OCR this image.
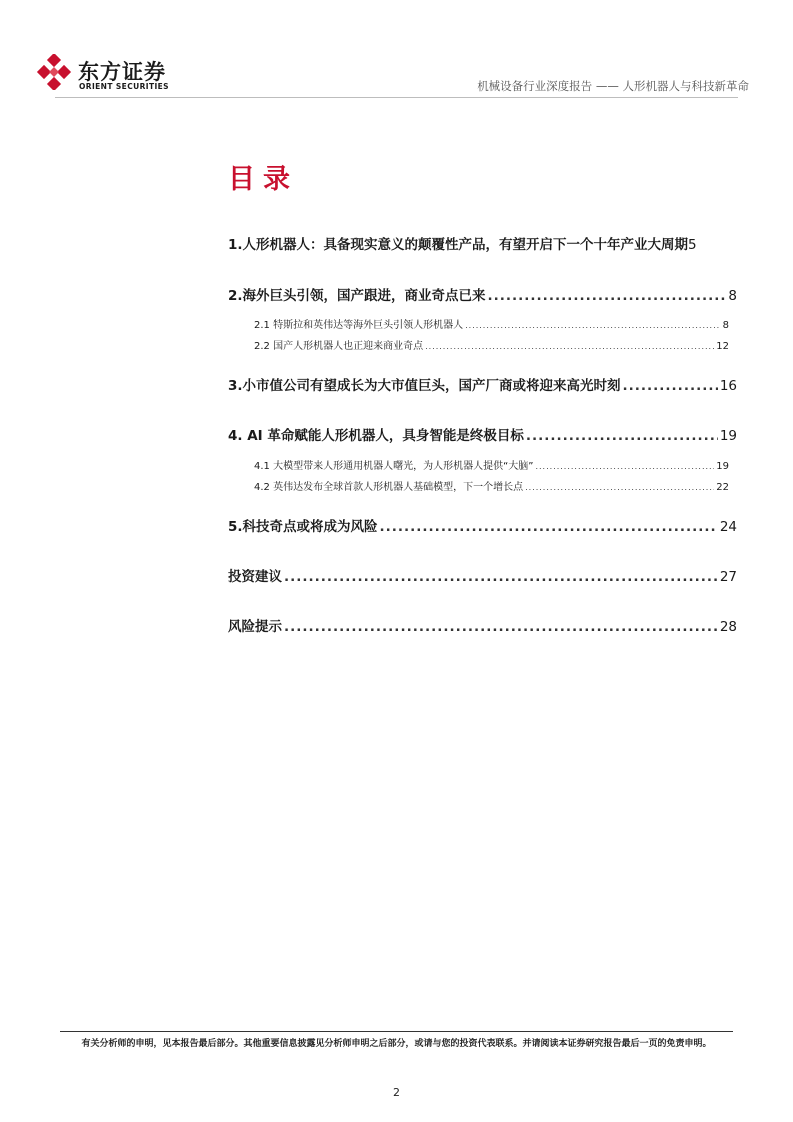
东方证券
ORIENT SECURITIES	机械设备行业深度报告 —— 人形机器人与科技新革命
目录
1.人形机器人：具备现实意义的颠覆性产品，有望开启下一个十年产业大周期 5
2.海外巨头引领，国产跟进，商业奇点已来 .....	8
2.1 特斯拉和英伟达等海外巨头引领人形机器人 .....	8
2.2 国产人形机器人也正迎来商业奇点 .....	12
3.小市值公司有望成长为大市值巨头，国产厂商或将迎来高光时刻 .....	16
4. AI 革命赋能人形机器人，具身智能是终极目标 .....	19
4.1 大模型带来人形通用机器人曙光，为人形机器人提供“大脑” .....	19
4.2 英伟达发布全球首款人形机器人基础模型，下一个增长点 .....	22
5.科技奇点或将成为风险 .....	24
投资建议 .....	27
风险提示 .....	28
有关分析师的申明，见本报告最后部分。其他重要信息披露见分析师申明之后部分，或请与您的投资代表联系。并请阅读本证券研究报告最后一页的免责申明。
2
